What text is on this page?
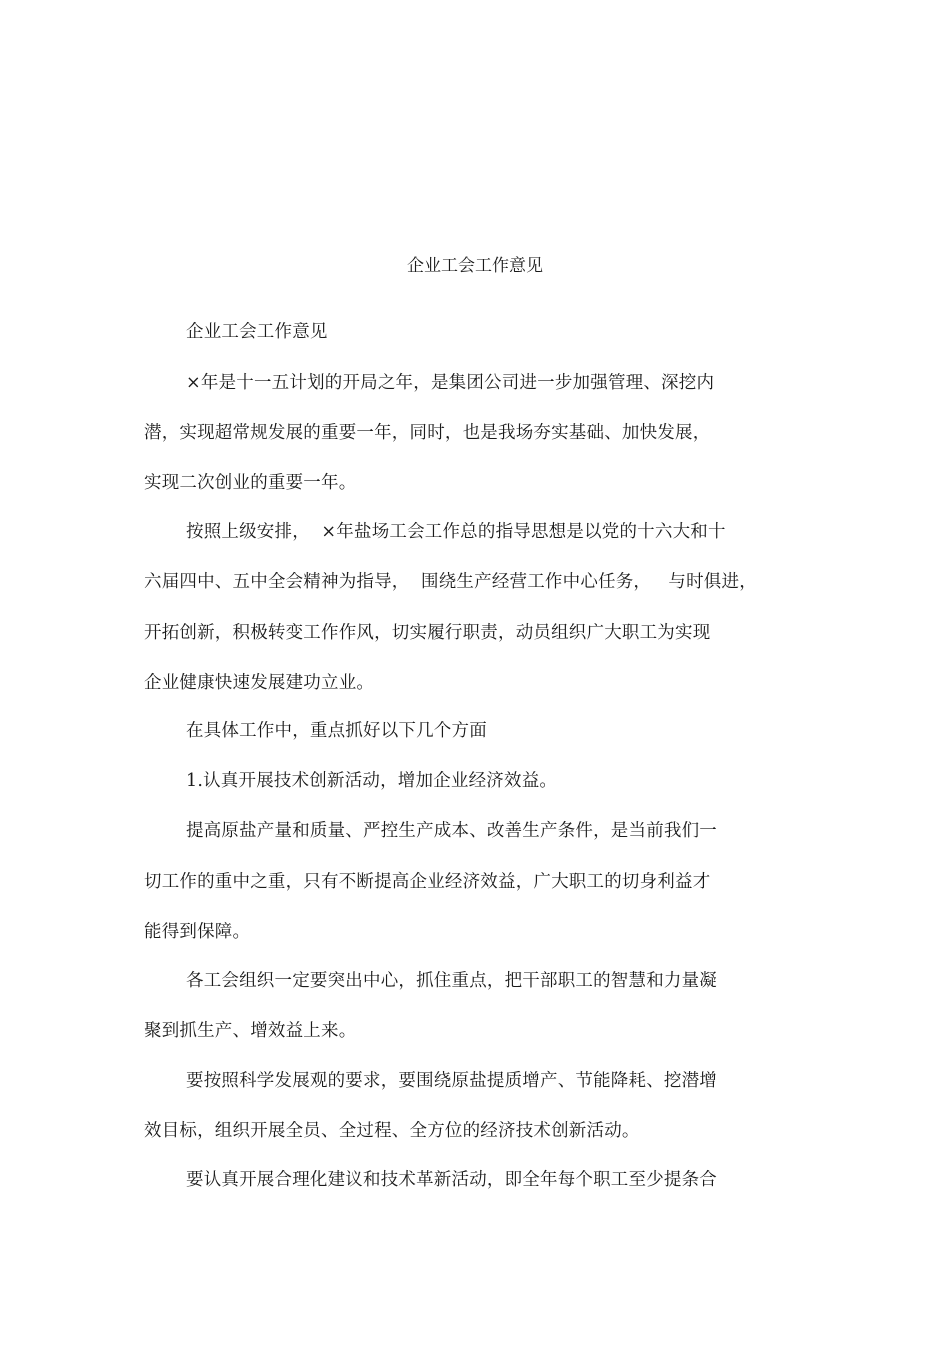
企业工会工作意见
企业工会工作意见
×年是十一五计划的开局之年，是集团公司进一步加强管理、深挖内
潜，实现超常规发展的重要一年，同时，也是我场夯实基础、加快发展，
实现二次创业的重要一年。
按照上级安排，  ×年盐场工会工作总的指导思想是以党的十六大和十
六届四中、五中全会精神为指导，  围绕生产经营工作中心任务，   与时俱进，
开拓创新，积极转变工作作风，切实履行职责，动员组织广大职工为实现
企业健康快速发展建功立业。
在具体工作中，重点抓好以下几个方面
1.认真开展技术创新活动，增加企业经济效益。
提高原盐产量和质量、严控生产成本、改善生产条件，是当前我们一
切工作的重中之重，只有不断提高企业经济效益，广大职工的切身利益才
能得到保障。
各工会组织一定要突出中心，抓住重点，把干部职工的智慧和力量凝
聚到抓生产、增效益上来。
要按照科学发展观的要求，要围绕原盐提质增产、节能降耗、挖潜增
效目标，组织开展全员、全过程、全方位的经济技术创新活动。
要认真开展合理化建议和技术革新活动，即全年每个职工至少提条合
